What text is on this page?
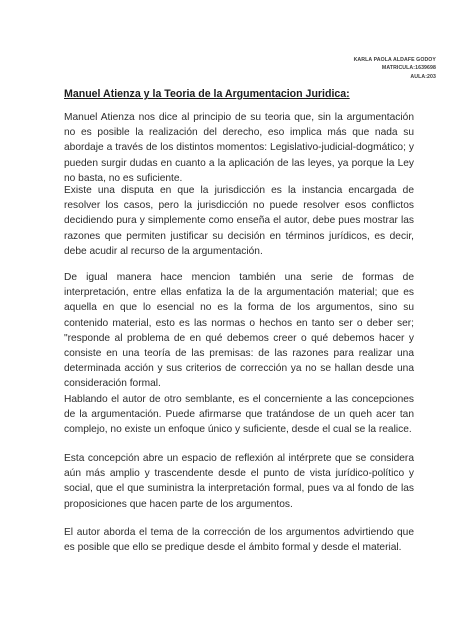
KARLA PAOLA ALDAFE GODOY
MATRICULA:1639698
AULA:203
Manuel Atienza y la Teoria de la Argumentacion Juridica:

Manuel Atienza nos dice al principio de su teoria que, sin la argumentación no es posible la realización del derecho, eso implica más que nada su abordaje a través de los distintos momentos: Legislativo-judicial-dogmático; y pueden surgir dudas en cuanto a la aplicación de las leyes, ya porque la Ley no basta, no es suficiente.

Existe una disputa en que la jurisdicción es la instancia encargada de resolver los casos, pero la jurisdicción no puede resolver esos conflictos decidiendo pura y simplemente como enseña el autor, debe pues mostrar las razones que permiten justificar su decisión en términos jurídicos, es decir, debe acudir al recurso de la argumentación.

De igual manera hace mencion también una serie de formas de interpretación, entre ellas enfatiza la de la argumentación material; que es aquella en que lo esencial no es la forma de los argumentos, sino su contenido material, esto es las normas o hechos en tanto ser o deber ser; "responde al problema de en qué debemos creer o qué debemos hacer y consiste en una teoría de las premisas: de las razones para realizar una determinada acción y sus criterios de corrección ya no se hallan desde una consideración formal.

Hablando el autor de otro semblante, es el concerniente a las concepciones de la argumentación. Puede afirmarse que tratándose de un queh acer tan complejo, no existe un enfoque único y suficiente, desde el cual se la realice.

Esta concepción abre un espacio de reflexión al intérprete que se considera aún más amplio y trascendente desde el punto de vista jurídico-político y social, que el que suministra la interpretación formal, pues va al fondo de las proposiciones que hacen parte de los argumentos.

El autor aborda el tema de la corrección de los argumentos advirtiendo que es posible que ello se predique desde el ámbito formal y desde el material.
